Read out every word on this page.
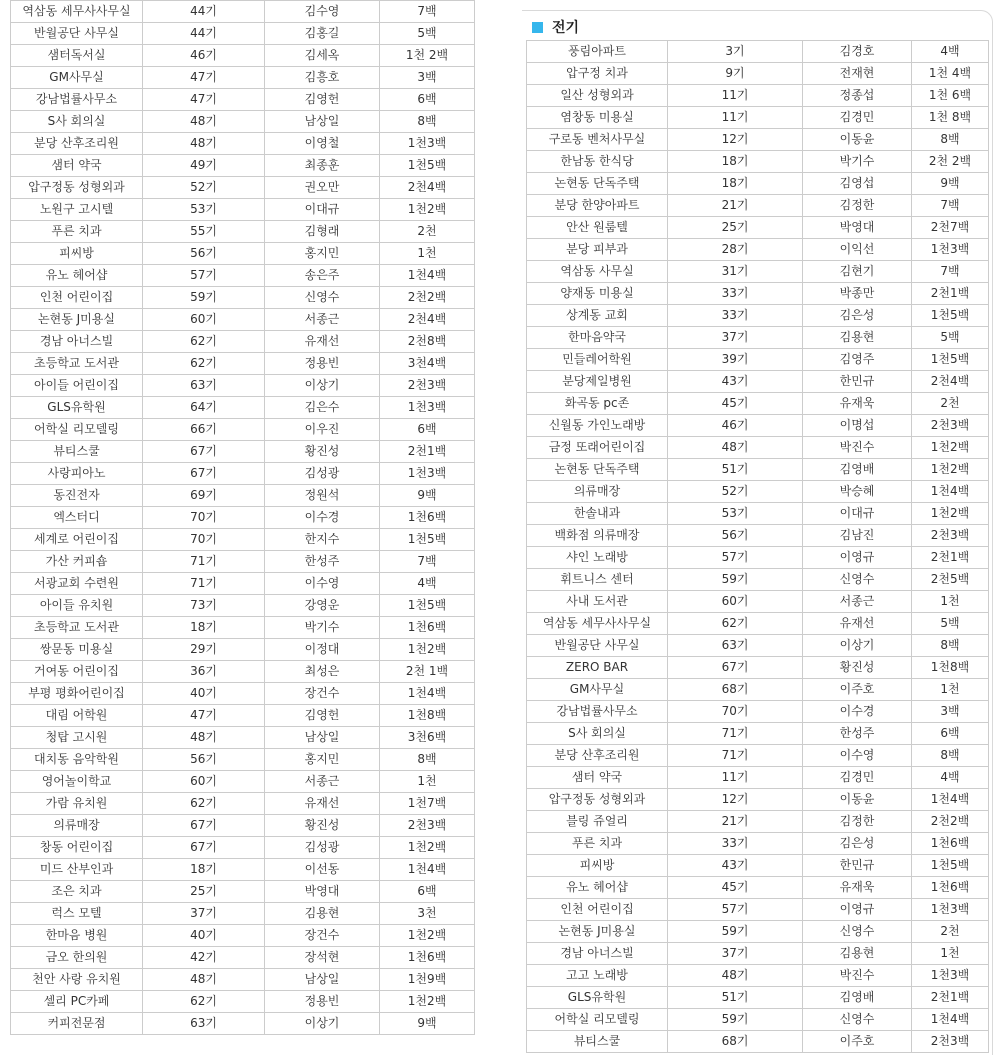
역삼동 세무사사무실	44기	김수영	7백
반월공단 사무실	44기	김홍길	5백
샘터독서실	46기	김세옥	1천 2백
GM사무실	47기	김흥호	3백
강남법률사무소	47기	김영헌	6백
S사 회의실	48기	남상일	8백
분당 산후조리원	48기	이영철	1천3백
샘터 약국	49기	최종훈	1천5백
압구정동 성형외과	52기	권오만	2천4백
노원구 고시텔	53기	이대규	1천2백
푸른 치과	55기	김형래	2천
피씨방	56기	홍지민	1천
유노 헤어샵	57기	송은주	1천4백
인천 어린이집	59기	신영수	2천2백
논현동 J미용실	60기	서종근	2천4백
경남 아너스빌	62기	유재선	2천8백
초등학교 도서관	62기	정용빈	3천4백
아이들 어린이집	63기	이상기	2천3백
GLS유학원	64기	김은수	1천3백
어학실 리모델링	66기	이우진	6백
뷰티스쿨	67기	황진성	2천1백
사랑피아노	67기	김성광	1천3백
동진전자	69기	정원석	9백
엑스터디	70기	이수경	1천6백
세계로 어린이집	70기	한지수	1천5백
가산 커피숍	71기	한성주	7백
서광교회 수련원	71기	이수영	4백
아이들 유치원	73기	강영운	1천5백
초등학교 도서관	18기	박기수	1천6백
쌍문동 미용실	29기	이정대	1천2백
거여동 어린이집	36기	최성은	2천 1백
부평 평화어린이집	40기	장건수	1천4백
대림 어학원	47기	김영헌	1천8백
청탑 고시원	48기	남상일	3천6백
대치동 음악학원	56기	홍지민	8백
영어놀이학교	60기	서종근	1천
가람 유치원	62기	유재선	1천7백
의류매장	67기	황진성	2천3백
창동 어린이집	67기	김성광	1천2백
미드 산부인과	18기	이선동	1천4백
조은 치과	25기	박영대	6백
럭스 모텔	37기	김용현	3천
한마음 병원	40기	장건수	1천2백
금오 한의원	42기	장석현	1천6백
천안 사랑 유치원	48기	남상일	1천9백
셀리 PC카페	62기	정용빈	1천2백
커피전문점	63기	이상기	9백
전기
풍림아파트	3기	김경호	4백
압구정 치과	9기	전재현	1천 4백
일산 성형외과	11기	정종섭	1천 6백
염창동 미용실	11기	김경민	1천 8백
구로동 벤처사무실	12기	이동윤	8백
한남동 한식당	18기	박기수	2천 2백
논현동 단독주택	18기	김영섭	9백
분당 한양아파트	21기	김정한	7백
안산 원룸텔	25기	박영대	2천7백
분당 피부과	28기	이익선	1천3백
역삼동 사무실	31기	김현기	7백
양재동 미용실	33기	박종만	2천1백
상계동 교회	33기	김은성	1천5백
한마음약국	37기	김용현	5백
민들레어학원	39기	김영주	1천5백
분당제일병원	43기	한민규	2천4백
화곡동 pc존	45기	유재욱	2천
신월동 가인노래방	46기	이명섭	2천3백
금정 또래어린이집	48기	박진수	1천2백
논현동 단독주택	51기	김영배	1천2백
의류매장	52기	박승혜	1천4백
한솔내과	53기	이대규	1천2백
백화점 의류매장	56기	김남진	2천3백
샤인 노래방	57기	이영규	2천1백
휘트니스 센터	59기	신영수	2천5백
사내 도서관	60기	서종근	1천
역삼동 세무사사무실	62기	유재선	5백
반월공단 사무실	63기	이상기	8백
ZERO BAR	67기	황진성	1천8백
GM사무실	68기	이주호	1천
강남법률사무소	70기	이수경	3백
S사 회의실	71기	한성주	6백
분당 산후조리원	71기	이수영	8백
샘터 약국	11기	김경민	4백
압구정동 성형외과	12기	이동윤	1천4백
블링 쥬얼리	21기	김정한	2천2백
푸른 치과	33기	김은성	1천6백
피씨방	43기	한민규	1천5백
유노 헤어샵	45기	유재욱	1천6백
인천 어린이집	57기	이영규	1천3백
논현동 J미용실	59기	신영수	2천
경남 아너스빌	37기	김용현	1천
고고 노래방	48기	박진수	1천3백
GLS유학원	51기	김영배	2천1백
어학실 리모델링	59기	신영수	1천4백
뷰티스쿨	68기	이주호	2천3백
